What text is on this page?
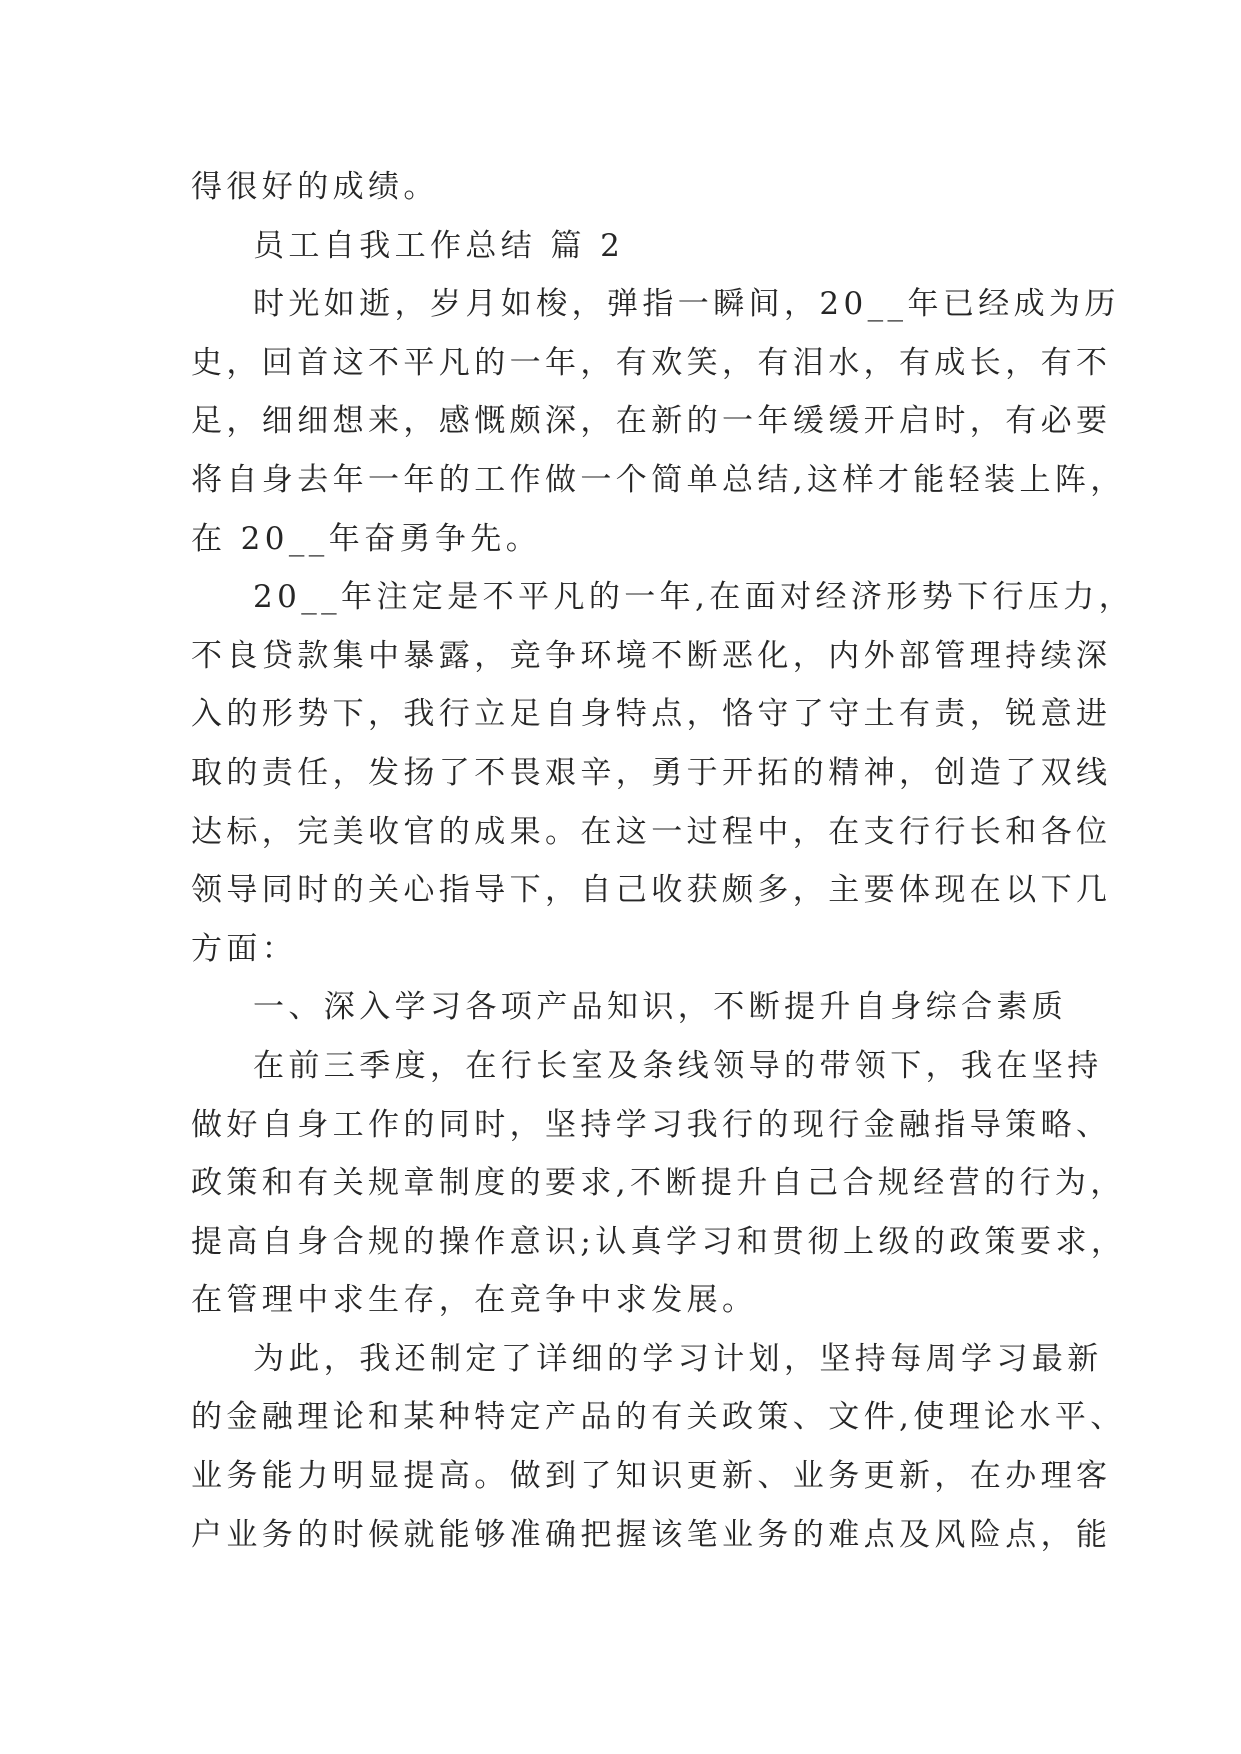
得很好的成绩。
员工自我工作总结 篇 2
时光如逝，岁月如梭，弹指一瞬间，20__年已经成为历
史，回首这不平凡的一年，有欢笑，有泪水，有成长，有不
足，细细想来，感慨颇深，在新的一年缓缓开启时，有必要
将自身去年一年的工作做一个简单总结,这样才能轻装上阵，
在 20__年奋勇争先。
20__年注定是不平凡的一年,在面对经济形势下行压力，
不良贷款集中暴露，竞争环境不断恶化，内外部管理持续深
入的形势下，我行立足自身特点，恪守了守土有责，锐意进
取的责任，发扬了不畏艰辛，勇于开拓的精神，创造了双线
达标，完美收官的成果。在这一过程中，在支行行长和各位
领导同时的关心指导下，自己收获颇多，主要体现在以下几
方面：
一、深入学习各项产品知识，不断提升自身综合素质
在前三季度，在行长室及条线领导的带领下，我在坚持
做好自身工作的同时，坚持学习我行的现行金融指导策略、
政策和有关规章制度的要求,不断提升自己合规经营的行为，
提高自身合规的操作意识;认真学习和贯彻上级的政策要求，
在管理中求生存，在竞争中求发展。
为此，我还制定了详细的学习计划，坚持每周学习最新
的金融理论和某种特定产品的有关政策、文件,使理论水平、
业务能力明显提高。做到了知识更新、业务更新，在办理客
户业务的时候就能够准确把握该笔业务的难点及风险点，能
